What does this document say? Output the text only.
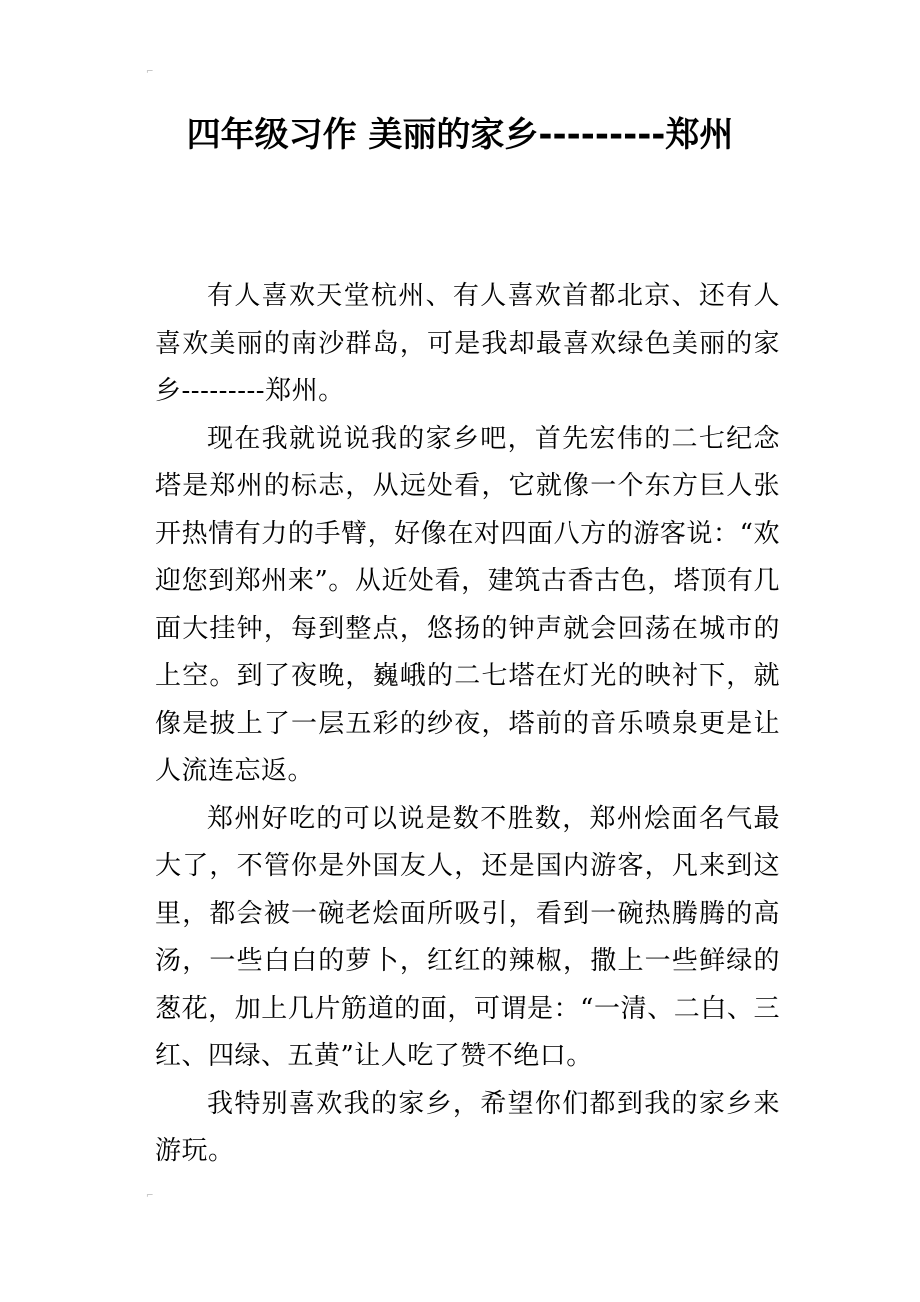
⌐
四年级习作 美丽的家乡---------郑州

有人喜欢天堂杭州、有人喜欢首都北京、还有人喜欢美丽的南沙群岛，可是我却最喜欢绿色美丽的家乡---------郑州。

现在我就说说我的家乡吧，首先宏伟的二七纪念塔是郑州的标志，从远处看，它就像一个东方巨人张开热情有力的手臂，好像在对四面八方的游客说：“欢迎您到郑州来”。从近处看，建筑古香古色，塔顶有几面大挂钟，每到整点，悠扬的钟声就会回荡在城市的上空。到了夜晚，巍峨的二七塔在灯光的映衬下，就像是披上了一层五彩的纱夜，塔前的音乐喷泉更是让人流连忘返。

郑州好吃的可以说是数不胜数，郑州烩面名气最大了，不管你是外国友人，还是国内游客，凡来到这里，都会被一碗老烩面所吸引，看到一碗热腾腾的高汤，一些白白的萝卜，红红的辣椒，撒上一些鲜绿的葱花，加上几片筋道的面，可谓是：“一清、二白、三红、四绿、五黄”让人吃了赞不绝口。

我特别喜欢我的家乡，希望你们都到我的家乡来游玩。

⌐
